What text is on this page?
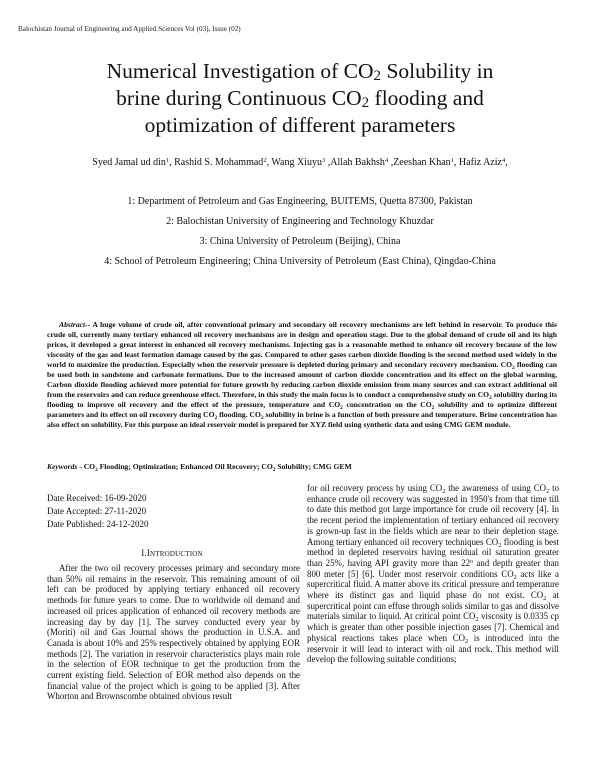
Balochistan Journal of Engineering and Applied Sciences Vol (03), Issue (02)
Numerical Investigation of $CO_2$ Solubility in
brine during Continuous $CO_2$ flooding and
optimization of different parameters
Syed Jamal ud din$^1$, Rashid S. Mohammad$^2$, Wang Xiuyu$^3$ ,Allah Bakhsh$^4$ ,Zeeshan Khan$^1$, Hafiz Aziz$^4$,
1: Department of Petroleum and Gas Engineering, BUITEMS, Quetta 87300, Pakistan
2: Balochistan University of Engineering and Technology Khuzdar
3: China University of Petroleum (Beijing), China
4: School of Petroleum Engineering; China University of Petroleum (East China), Qingdao-China
Abstract-- A huge volume of crude oil, after conventional primary and secondary oil recovery mechanisms are left behind in reservoir. To produce this crude oil, currently many tertiary enhanced oil recovery mechanisms are in design and operation stage. Due to the global demand of crude oil and its high prices, it developed a great interest in enhanced oil recovery mechanisms. Injecting gas is a reasonable method to enhance oil recovery because of the low viscosity of the gas and least formation damage caused by the gas. Compared to other gases carbon dioxide flooding is the second method used widely in the world to maximize the production. Especially when the reservoir pressure is depleted during primary and secondary recovery mechanism. $CO_2$ flooding can be used both in sandstone and carbonate formations. Due to the increased amount of carbon dioxide concentration and its effect on the global warming, Carbon dioxide flooding achieved more potential for future growth by reducing carbon dioxide emission from many sources and can extract additional oil from the reservoirs and can reduce greenhouse effect. Therefore, in this study the main focus is to conduct a comprehensive study on $CO_2$ solubility during its flooding to improve oil recovery and the effect of the pressure, temperature and $CO_2$ concentration on the $CO_2$ solubility and to optimize different parameters and its effect on oil recovery during $CO_2$ flooding. $CO_2$ solubility in brine is a function of both pressure and temperature. Brine concentration has also effect on solubility. For this purpose an ideal reservoir model is prepared for XYZ field using synthetic data and using CMG GEM module.
Keywords - $CO_2$ Flooding; Optimization; Enhanced Oil Recovery; $CO_2$ Solubility; CMG GEM
Date Received: 16-09-2020
Date Accepted: 27-11-2020
Date Published: 24-12-2020
I.INTRODUCTION
After the two oil recovery processes primary and secondary more than 50% oil remains in the reservoir. This remaining amount of oil left can be produced by applying tertiary enhanced oil recovery methods for future years to come. Due to worldwide oil demand and increased oil prices application of enhanced oil recovery methods are increasing day by day [1]. The survey conducted every year by (Moriti) oil and Gas Journal shows the production in U.S.A. and Canada is about 10% and 25% respectively obtained by applying EOR methods [2]. The variation in reservoir characteristics plays main role in the selection of EOR technique to get the production from the current existing field. Selection of EOR method also depends on the financial value of the project which is going to be applied [3]. After Whorton and Brownscombe obtained obvious result
for oil recovery process by using $CO_2$ the awareness of using $CO_2$ to enhance crude oil recovery was suggested in 1950's from that time till to date this method got large importance for crude oil recovery [4]. In the recent period the implementation of tertiary enhanced oil recovery is grown-up fast in the fields which are near to their depletion stage. Among tertiary enhanced oil recovery techniques $CO_2$ flooding is best method in depleted reservoirs having residual oil saturation greater than 25%, having API gravity more than 22$^o$ and depth greater than 800 meter [5] [6]. Under most reservoir conditions $CO_2$ acts like a supercritical fluid. A matter above its critical pressure and temperature where its distinct gas and liquid phase do not exist. $CO_2$ at supercritical point can effuse through solids similar to gas and dissolve materials similar to liquid. At critical point $CO_2$ viscosity is 0.0335 cp which is greater than other possible injection gases [7]. Chemical and physical reactions takes place when $CO_2$ is introduced into the reservoir it will lead to interact with oil and rock. This method will develop the following suitable conditions;
